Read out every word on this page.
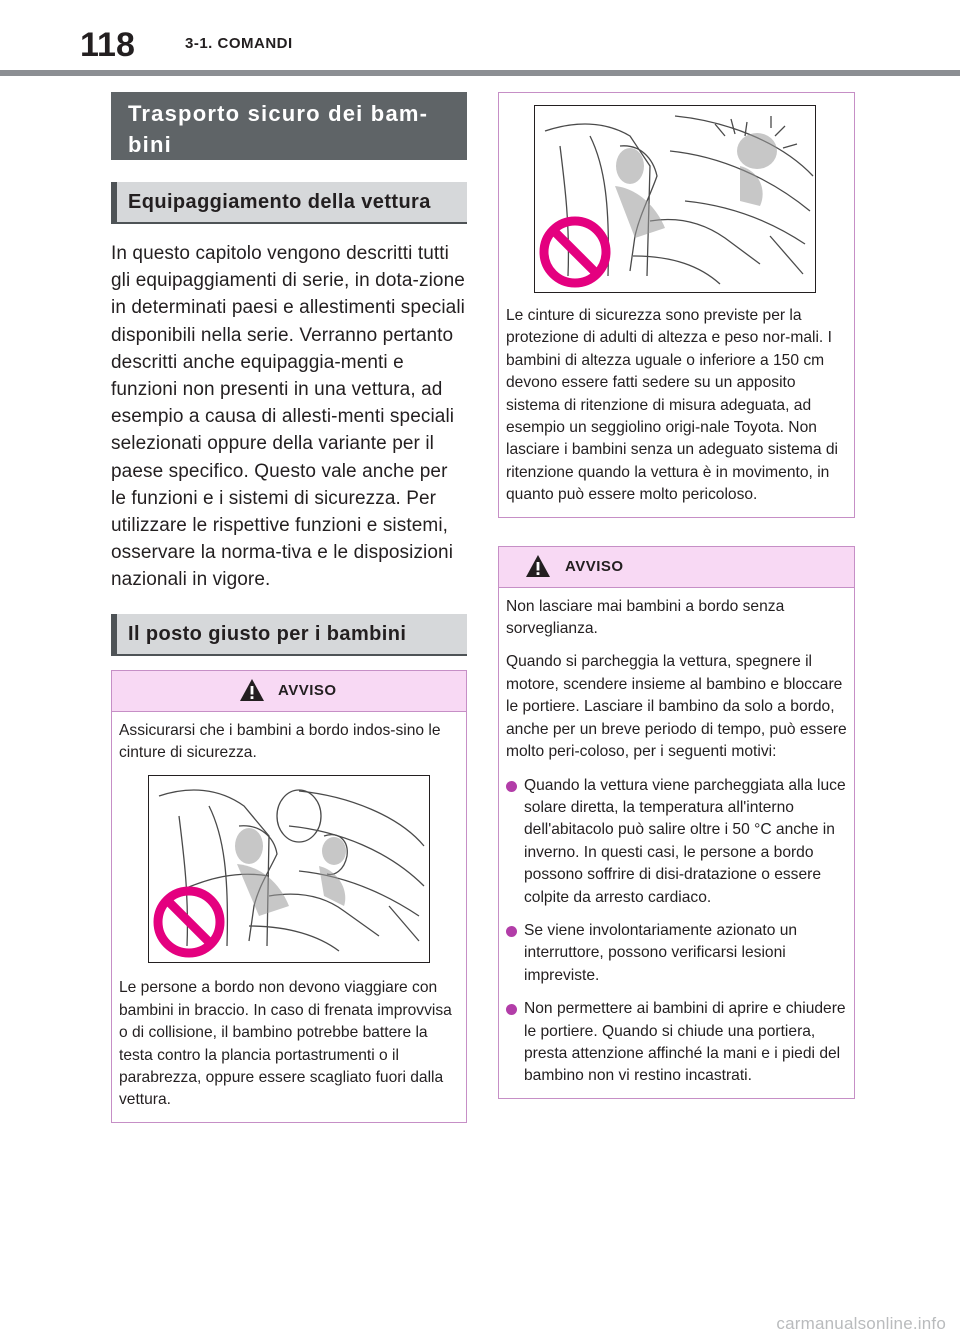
118	3-1. COMANDI
Trasporto sicuro dei bam-bini
Equipaggiamento della vettura
In questo capitolo vengono descritti tutti gli equipaggiamenti di serie, in dota-zione in determinati paesi e allestimenti speciali disponibili nella serie. Verranno pertanto descritti anche equipaggia-menti e funzioni non presenti in una vettura, ad esempio a causa di allesti-menti speciali selezionati oppure della variante per il paese specifico. Questo vale anche per le funzioni e i sistemi di sicurezza. Per utilizzare le rispettive funzioni e sistemi, osservare la norma-tiva e le disposizioni nazionali in vigore.
Il posto giusto per i bambini
AVVISO

Assicurarsi che i bambini a bordo indos-sino le cinture di sicurezza.

Le persone a bordo non devono viaggiare con bambini in braccio. In caso di frenata improvvisa o di collisione, il bambino potrebbe battere la testa contro la plancia portastrumenti o il parabrezza, oppure essere scagliato fuori dalla vettura.

Le cinture di sicurezza sono previste per la protezione di adulti di altezza e peso nor-mali. I bambini di altezza uguale o inferiore a 150 cm devono essere fatti sedere su un apposito sistema di ritenzione di misura adeguata, ad esempio un seggiolino origi-nale Toyota. Non lasciare i bambini senza un adeguato sistema di ritenzione quando la vettura è in movimento, in quanto può essere molto pericoloso.
AVVISO

Non lasciare mai bambini a bordo senza sorveglianza.

Quando si parcheggia la vettura, spegnere il motore, scendere insieme al bambino e bloccare le portiere. Lasciare il bambino da solo a bordo, anche per un breve periodo di tempo, può essere molto peri-coloso, per i seguenti motivi:

Quando la vettura viene parcheggiata alla luce solare diretta, la temperatura all'interno dell'abitacolo può salire oltre i 50 °C anche in inverno. In questi casi, le persone a bordo possono soffrire di disi-dratazione o essere colpite da arresto cardiaco.
Se viene involontariamente azionato un interruttore, possono verificarsi lesioni impreviste.
Non permettere ai bambini di aprire e chiudere le portiere. Quando si chiude una portiera, presta attenzione affinché la mani e i piedi del bambino non vi restino incastrati.
carmanualsonline.info
